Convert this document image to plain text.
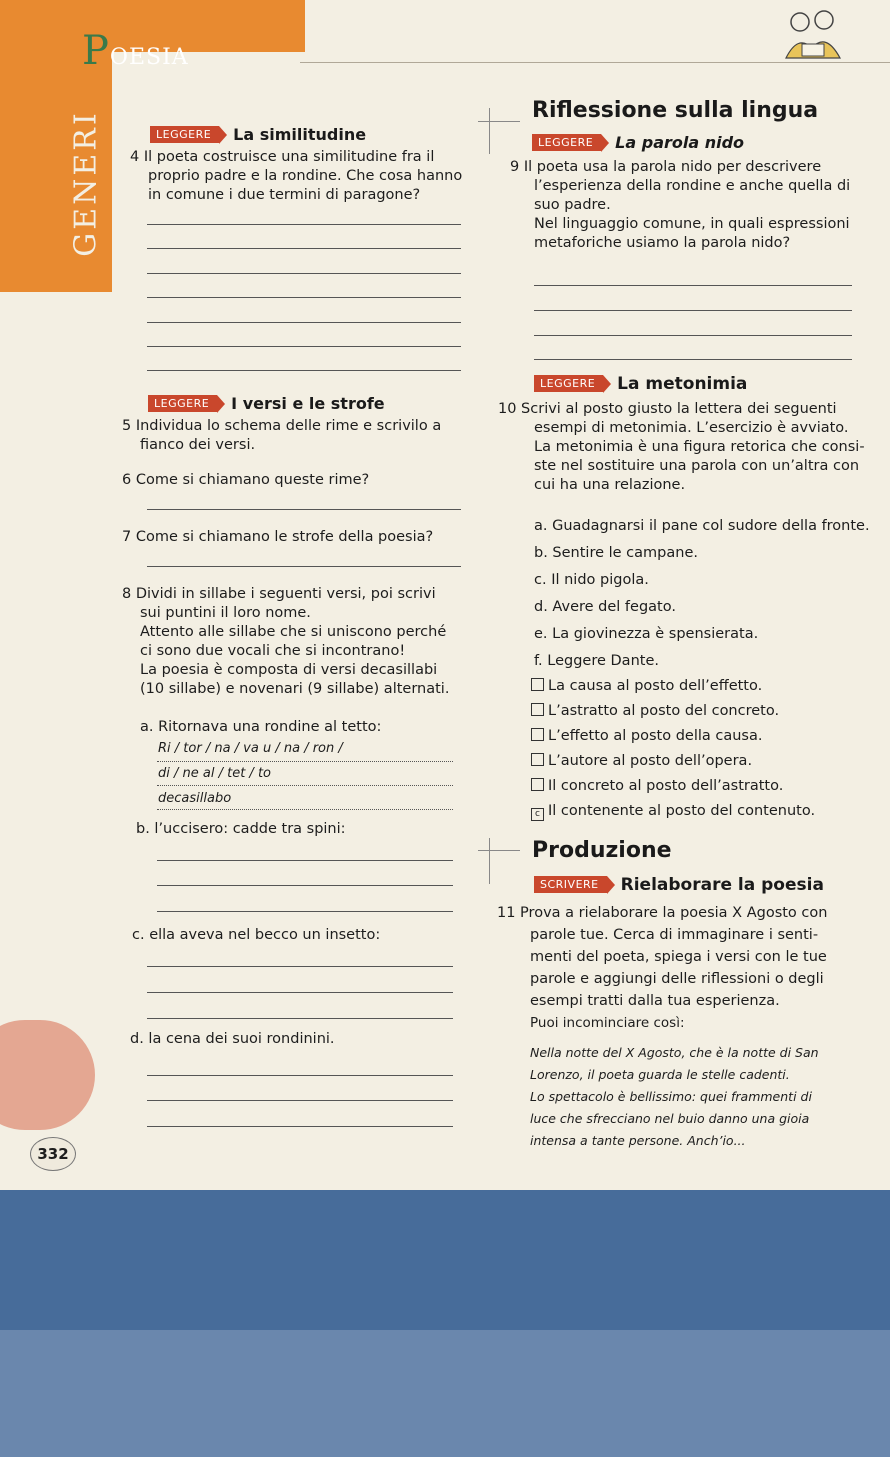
GENERI
POESIA
LEGGERE La similitudine
4 Il poeta costruisce una similitudine fra il
proprio padre e la rondine. Che cosa hanno
in comune i due termini di paragone?
LEGGERE I versi e le strofe
5 Individua lo schema delle rime e scrivilo a
fianco dei versi.
6 Come si chiamano queste rime?
7 Come si chiamano le strofe della poesia?
8 Dividi in sillabe i seguenti versi, poi scrivi
sui puntini il loro nome.
Attento alle sillabe che si uniscono perché
ci sono due vocali che si incontrano!
La poesia è composta di versi decasillabi
(10 sillabe) e novenari (9 sillabe) alternati.
a. Ritornava una rondine al tetto:
Ri / tor / na / va u / na / ron /
di / ne al / tet / to
decasillabo
b. l’uccisero: cadde tra spini:
c. ella aveva nel becco un insetto:
d. la cena dei suoi rondinini.
Riflessione sulla lingua
LEGGERE La parola nido
9 Il poeta usa la parola nido per descrivere
l’esperienza della rondine e anche quella di
suo padre.
Nel linguaggio comune, in quali espressioni
metaforiche usiamo la parola nido?
LEGGERE La metonimia
10 Scrivi al posto giusto la lettera dei seguenti
esempi di metonimia. L’esercizio è avviato.
La metonimia è una figura retorica che consi-
ste nel sostituire una parola con un’altra con
cui ha una relazione.
a. Guadagnarsi il pane col sudore della fronte.
b. Sentire le campane.
c. Il nido pigola.
d. Avere del fegato.
e. La giovinezza è spensierata.
f. Leggere Dante.
La causa al posto dell’effetto.
L’astratto al posto del concreto.
L’effetto al posto della causa.
L’autore al posto dell’opera.
Il concreto al posto dell’astratto.
c Il contenente al posto del contenuto.
Produzione
SCRIVERE Rielaborare la poesia
11 Prova a rielaborare la poesia X Agosto con
parole tue. Cerca di immaginare i senti-
menti del poeta, spiega i versi con le tue
parole e aggiungi delle riflessioni o degli
esempi tratti dalla tua esperienza.
Puoi incominciare così:
Nella notte del X Agosto, che è la notte di San
Lorenzo, il poeta guarda le stelle cadenti.
Lo spettacolo è bellissimo: quei frammenti di
luce che sfrecciano nel buio danno una gioia
intensa a tante persone. Anch’io...
332
